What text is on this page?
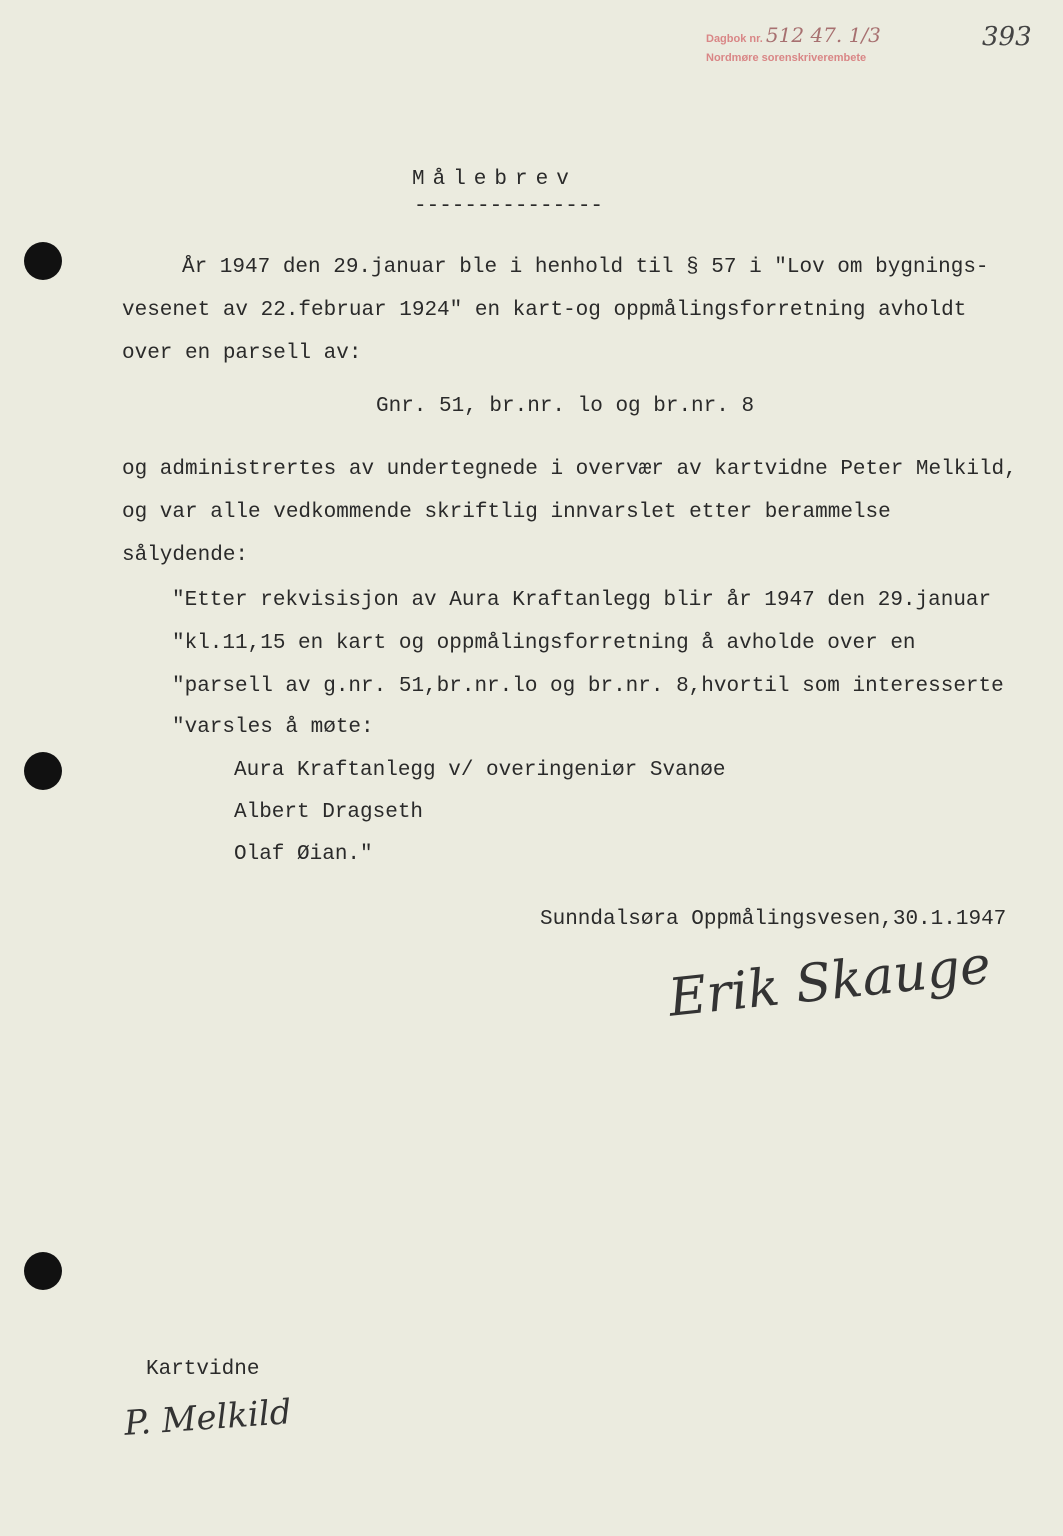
Dagbok nr. 512 47. 1/3
Nordmøre sorenskriverembete
393
Målebrev
---------------
År 1947 den 29.januar ble i henhold til § 57 i "Lov om bygnings-
vesenet av 22.februar 1924" en kart-og oppmålingsforretning avholdt
over en parsell av:
Gnr. 51, br.nr. lo og br.nr. 8
og administrertes av undertegnede i overvær av kartvidne Peter Melkild,
og var alle vedkommende skriftlig innvarslet etter berammelse
sålydende:
"Etter rekvisisjon av Aura Kraftanlegg blir år 1947 den 29.januar
"kl.11,15 en kart og oppmålingsforretning å avholde over en
"parsell av g.nr. 51,br.nr.lo og br.nr. 8,hvortil som interesserte
"varsles å møte:
Aura Kraftanlegg v/ overingeniør Svanøe
Albert Dragseth
Olaf Øian."
Sunndalsøra Oppmålingsvesen,30.1.1947
Erik Skauge
Kartvidne
P. Melkild
